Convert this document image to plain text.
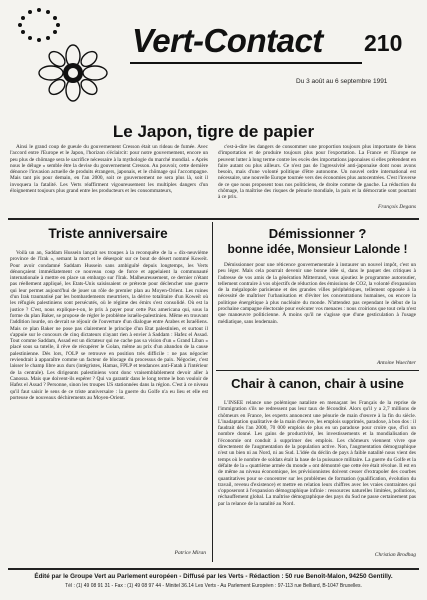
Vert-Contact 210
Du 3 août au 6 septembre 1991
Le Japon, tigre de papier
Ainsi le grand coup de gueule du gouvernement Cresson était un rideau de fumée. Avec l'accord entre l'Europe et le Japon, l'horizon s'éclaircit: pour notre gouvernement, encore un peu plus de chômage sera le sacrifice nécessaire à la mythologie du marché mondial. « Après nous le déluge » semble être la devise du gouvernement Cresson. Au pouvoir, cette dernière dénonce l'invasion actuelle de produits étrangers, japonais, et le chômage qui l'accompagne. Mais tant pis pour demain, en l'an 2000, soit ce gouvernement ne sera plus là, soit il invoquera la fatalité. Les Verts réaffirment vigoureusement les multiples dangers d'un éloignement toujours plus grand entre les producteurs et les consommateurs,
c'est-à-dire les dangers de consommer une proportion toujours plus importante de biens d'importation et de produire toujours plus pour l'exportation. La France et l'Europe ne peuvent lutter à long terme contre les excès des importations japonaises si elles prétendent en faire autant ou plus ailleurs. Ce n'est pas de l'agressivité anti-japonaise dont nous avons besoin, mais d'une volonté politique d'être autonome. Un nouvel ordre international est nécessaire, une nouvelle Europe tournée vers des économies plus autocentrées. C'est l'inverse de ce que nous proposent tous nos politiciens, de droite comme de gauche. La réduction du chômage, la maîtrise des risques de pénurie mondiale, la paix et la démocratie sont pourtant à ce prix.
François Degans
Triste anniversaire
Voilà un an, Saddam Hussein lançait ses troupes à la reconquête de la « dix-neuvième province de l'Irak », semant la mort et le désespoir sur ce bout de désert nommé Koweït. Pour avoir condamné Saddam Hussein sans ambiguïté depuis longtemps, les Verts dénonçaient immédiatement ce nouveau coup de force et appelaient la communauté internationale à mettre en place un embargo sur l'Irak. Malheureusement, ce dernier n'étant pas réellement appliqué, les Etats-Unis saisissaient ce prétexte pour déclencher une guerre qui leur permet aujourd'hui de jouer un rôle de premier plan au Moyen-Orient. Les ruines d'un Irak traumatisé par les bombardements meurtriers, la dérive totalitaire d'un Koweït où les réfugiés palestiniens sont persécutés, où le régime des émirs s'est consolidé. Où est la justice ? C'est, nous explique-t-on, le prix à payer pour cette Pax americana qui, sous la forme du plan Baker, se propose de régler le problème israélo-palestinien. Même en trouvant l'addition lourde, on devrait se réjouir de l'ouverture d'un dialogue entre Arabes et Israéliens. Mais ce plan Baker ne pose pas clairement le principe d'un Etat palestinien, et surtout il s'appuie sur le concours de cinq dictateurs n'ayant rien à envier à Saddam : Hafez el Assad. Tout comme Saddam, Assad est un dictateur qui ne cache pas sa vision d'un « Grand Liban » placé sous sa tutelle, il rêve de récupérer le Golan, même au prix d'un abandon de la cause palestinienne. Dès lors, l'OLP se retrouve en position très difficile : ne pas négocier reviendrait à apparaître comme un facteur de blocage du processus de paix. Négocier, c'est laisser le champ libre aux durs (intégristes, Hamas, FPLP et tendances anti-Fatah à l'intérieur de la centrale). Les dirigeants palestiniens vont donc vraisemblablement devoir aller à Canossa. Mais que doivent-ils espérer ? Qui va garantir dans le long terme le bon vouloir de Hafez el Assad ? Personne, sinon les troupes US stationnées dans la région. C'est à ce niveau qu'il faut saisir le sens de ce triste anniversaire : la guerre du Golfe n'a eu lieu et elle est porteuse de nouveaux déchirements au Moyen-Orient.
Patrice Miran
Démissionner ?
bonne idée, Monsieur Lalonde !
Démissionner pour une réticence gouvernementale à instaurer un nouvel impôt, c'est un peu léger. Mais cela pourrait devenir une bonne idée si, dans le paquet des critiques à l'adresse de vos amis de la génération Mitterrand, vous ajoutiez le programme autoroutier, tellement contraire à vos objectifs de réduction des émissions de CO2, la volonté d'expansion de la mégalopole parisienne et des grandes villes périphériques, tellement opposée à la nécessité de maîtriser l'urbanisation et d'éviter les concentrations humaines, ou encore la politique énergétique à plus nucléaire du monde. N'attendez pas cependant le début de la prochaine campagne électorale pour exécuter vos menaces : nous croirions que tout cela n'est que manœuvre politicienne. À moins qu'il ne s'agisse que d'une gesticulation à l'usage médiatique, sans lendemain.
Antoine Waechter
Chair à canon, chair à usine
L'INSEE relance une polémique nataliste en menaçant les Français de la reprise de l'immigration s'ils ne redressent pas leur taux de fécondité. Alors qu'il y a 2,7 millions de chômeurs en France, les experts annoncent une pénurie de main d'œuvre à la fin du siècle. L'inadaptation qualitative de la main d'œuvre, les emplois supprimés, paradoxe, à bon dos : il faudrait dès l'an 2000, 70 000 emplois de plus en un paradoxe pour croire que, d'ici un nombre donné. Les gains de productivité, les investissements et la mondialisation de l'économie ont conduit à supprimer des emplois. Les chômeurs viennent vivre que directement de l'augmentation de la population active. Non, l'augmentation démographique n'est un bien ni au Nord, ni au Sud. L'idée du déclin de pays à faible natalité nous vient des temps où le nombre de soldats était la base de la puissance militaire. La guerre du Golfe et la défaite de la « quatrième armée du monde » ont démontré que cette ère était révolue. Il est en de même au niveau économique, les prévisionnistes doivent cesser d'extrapoler des courbes quantitatives pour se concentrer sur les problèmes de formation (qualification, évolution du travail, revenu d'existence) et mettre en relation leurs chiffres avec les vraies contraintes qui s'opposeront à l'expansion démographique infinie : ressources naturelles limitées, pollutions, réchauffement global. La maîtrise démographique des pays du Sud ne passe certainement pas par la relance de la natalité au Nord.
Christian Brodhag
Édité par le Groupe Vert au Parlement européen - Diffusé par les Verts - Rédaction : 50 rue Benoît-Malon, 94250 Gentilly.
Tél : (1) 49 08 91 31 - Fax : (1) 49 08 97 44 - Minitel 36.14 Les Verts - Au Parlement Européen : 97-113 rue Belliard, B-1047 Bruxelles.
